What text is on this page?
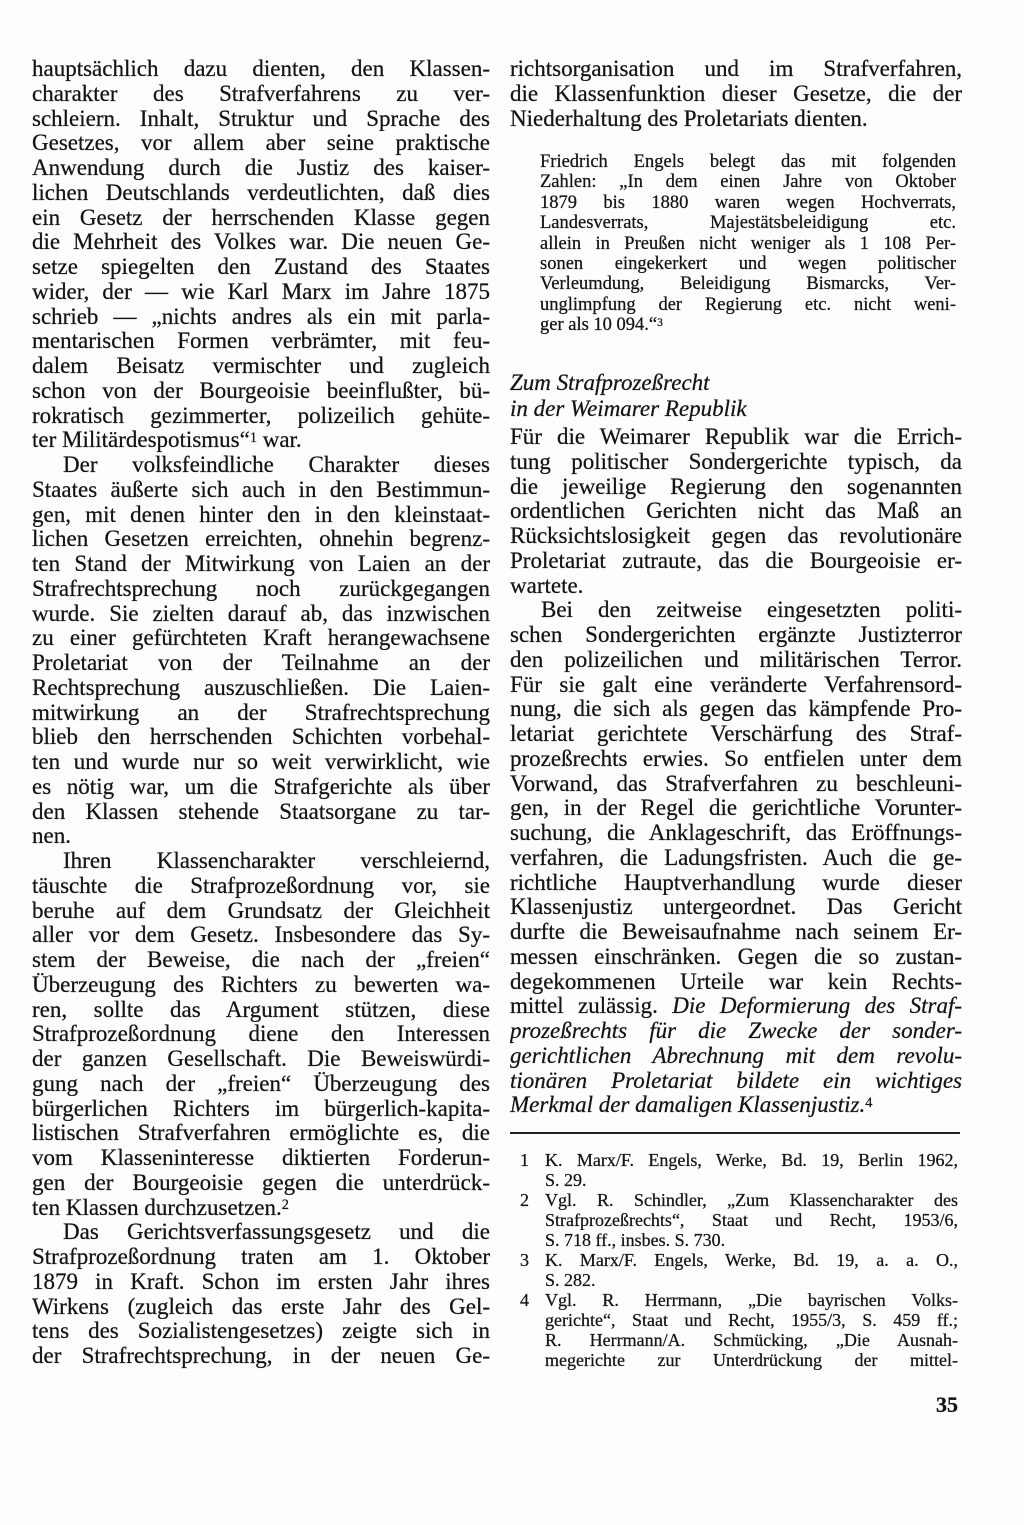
hauptsächlich dazu dienten, den Klassen-
charakter des Strafverfahrens zu ver-
schleiern. Inhalt, Struktur und Sprache des
Gesetzes, vor allem aber seine praktische
Anwendung durch die Justiz des kaiser-
lichen Deutschlands verdeutlichten, daß dies
ein Gesetz der herrschenden Klasse gegen
die Mehrheit des Volkes war. Die neuen Ge-
setze spiegelten den Zustand des Staates
wider, der — wie Karl Marx im Jahre 1875
schrieb — „nichts andres als ein mit parla-
mentarischen Formen verbrämter, mit feu-
dalem Beisatz vermischter und zugleich
schon von der Bourgeoisie beeinflußter, bü-
rokratisch gezimmerter, polizeilich gehüte-
ter Militärdespotismus“$^1$ war.
Der volksfeindliche Charakter dieses
Staates äußerte sich auch in den Bestimmun-
gen, mit denen hinter den in den kleinstaat-
lichen Gesetzen erreichten, ohnehin begrenz-
ten Stand der Mitwirkung von Laien an der
Strafrechtsprechung noch zurückgegangen
wurde. Sie zielten darauf ab, das inzwischen
zu einer gefürchteten Kraft herangewachsene
Proletariat von der Teilnahme an der
Rechtsprechung auszuschließen. Die Laien-
mitwirkung an der Strafrechtsprechung
blieb den herrschenden Schichten vorbehal-
ten und wurde nur so weit verwirklicht, wie
es nötig war, um die Strafgerichte als über
den Klassen stehende Staatsorgane zu tar-
nen.
Ihren Klassencharakter verschleiernd,
täuschte die Strafprozeßordnung vor, sie
beruhe auf dem Grundsatz der Gleichheit
aller vor dem Gesetz. Insbesondere das Sy-
stem der Beweise, die nach der „freien“
Überzeugung des Richters zu bewerten wa-
ren, sollte das Argument stützen, diese
Strafprozeßordnung diene den Interessen
der ganzen Gesellschaft. Die Beweiswürdi-
gung nach der „freien“ Überzeugung des
bürgerlichen Richters im bürgerlich-kapita-
listischen Strafverfahren ermöglichte es, die
vom Klasseninteresse diktierten Forderun-
gen der Bourgeoisie gegen die unterdrück-
ten Klassen durchzusetzen.$^2$
Das Gerichtsverfassungsgesetz und die
Strafprozeßordnung traten am 1. Oktober
1879 in Kraft. Schon im ersten Jahr ihres
Wirkens (zugleich das erste Jahr des Gel-
tens des Sozialistengesetzes) zeigte sich in
der Strafrechtsprechung, in der neuen Ge-
richtsorganisation und im Strafverfahren,
die Klassenfunktion dieser Gesetze, die der
Niederhaltung des Proletariats dienten.
Friedrich Engels belegt das mit folgenden
Zahlen: „In dem einen Jahre von Oktober
1879 bis 1880 waren wegen Hochverrats,
Landesverrats, Majestätsbeleidigung etc.
allein in Preußen nicht weniger als 1 108 Per-
sonen eingekerkert und wegen politischer
Verleumdung, Beleidigung Bismarcks, Ver-
unglimpfung der Regierung etc. nicht weni-
ger als 10 094.“$^3$
Zum Strafprozeßrecht
in der Weimarer Republik
Für die Weimarer Republik war die Errich-
tung politischer Sondergerichte typisch, da
die jeweilige Regierung den sogenannten
ordentlichen Gerichten nicht das Maß an
Rücksichtslosigkeit gegen das revolutionäre
Proletariat zutraute, das die Bourgeoisie er-
wartete.
Bei den zeitweise eingesetzten politi-
schen Sondergerichten ergänzte Justizterror
den polizeilichen und militärischen Terror.
Für sie galt eine veränderte Verfahrensord-
nung, die sich als gegen das kämpfende Pro-
letariat gerichtete Verschärfung des Straf-
prozeßrechts erwies. So entfielen unter dem
Vorwand, das Strafverfahren zu beschleuni-
gen, in der Regel die gerichtliche Vorunter-
suchung, die Anklageschrift, das Eröffnungs-
verfahren, die Ladungsfristen. Auch die ge-
richtliche Hauptverhandlung wurde dieser
Klassenjustiz untergeordnet. Das Gericht
durfte die Beweisaufnahme nach seinem Er-
messen einschränken. Gegen die so zustan-
degekommenen Urteile war kein Rechts-
mittel zulässig. Die Deformierung des Straf-
prozeßrechts für die Zwecke der sonder-
gerichtlichen Abrechnung mit dem revolu-
tionären Proletariat bildete ein wichtiges
Merkmal der damaligen Klassenjustiz.$^4$
1 K. Marx/F. Engels, Werke, Bd. 19, Berlin 1962,
S. 29.
2 Vgl. R. Schindler, „Zum Klassencharakter des
Strafprozeßrechts“, Staat und Recht, 1953/6,
S. 718 ff., insbes. S. 730.
3 K. Marx/F. Engels, Werke, Bd. 19, a. a. O.,
S. 282.
4 Vgl. R. Herrmann, „Die bayrischen Volks-
gerichte“, Staat und Recht, 1955/3, S. 459 ff.;
R. Herrmann/A. Schmücking, „Die Ausnah-
megerichte zur Unterdrückung der mittel-
35
